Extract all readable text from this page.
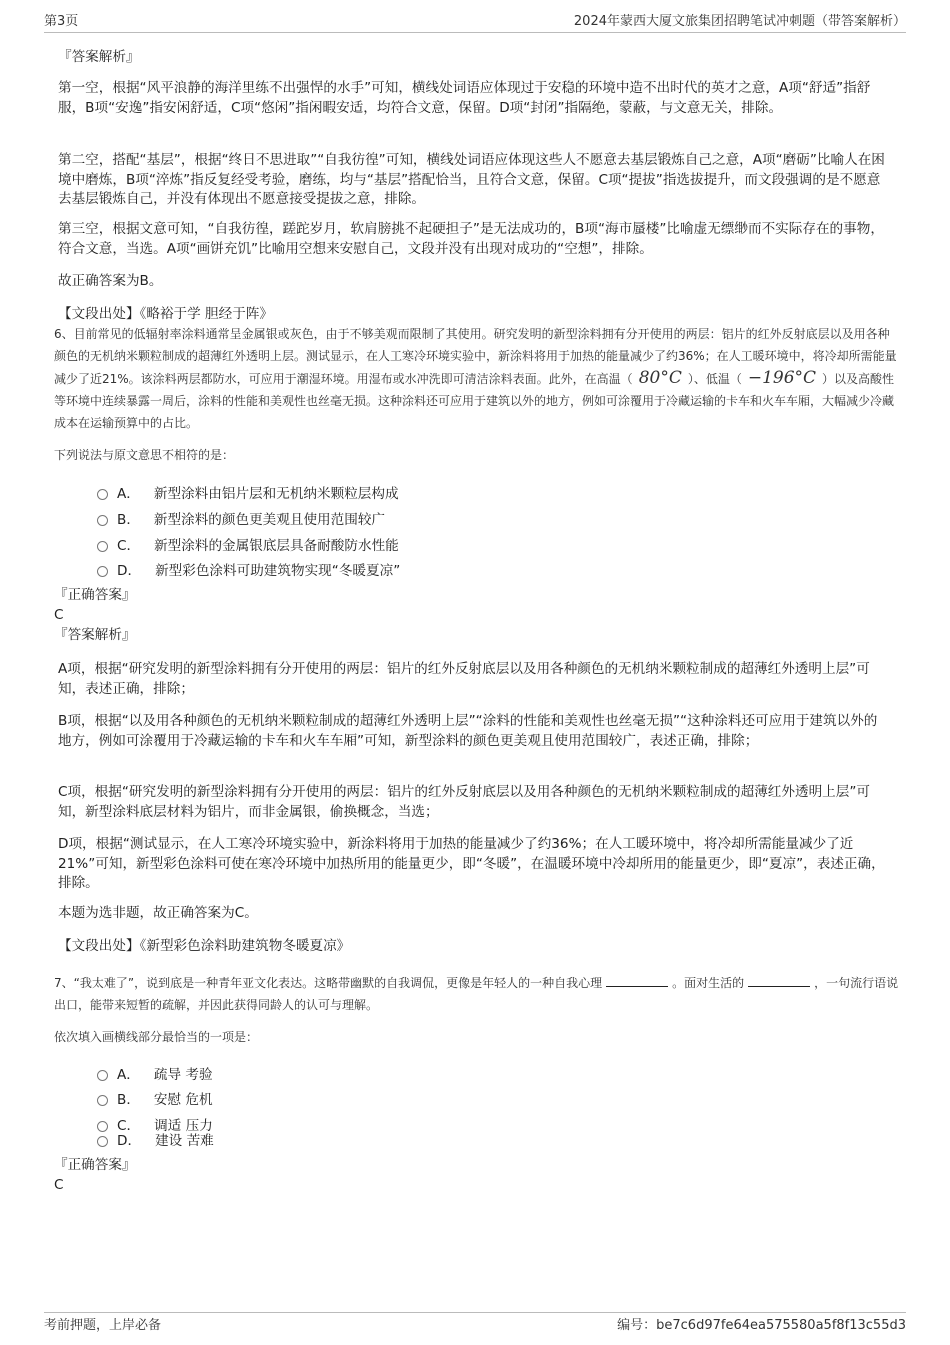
第3页	2024年蒙西大厦文旅集团招聘笔试冲刺题（带答案解析）
『答案解析』
第一空，根据“风平浪静的海洋里练不出强悍的水手”可知，横线处词语应体现过于安稳的环境中造不出时代的英才之意，A项“舒适”指舒服，B项“安逸”指安闲舒适，C项“悠闲”指闲暇安适，均符合文意，保留。D项“封闭”指隔绝，蒙蔽，与文意无关，排除。
第二空，搭配“基层”，根据“终日不思进取”“自我彷徨”可知，横线处词语应体现这些人不愿意去基层锻炼自己之意，A项“磨砺”比喻人在困境中磨炼，B项“淬炼”指反复经受考验，磨练，均与“基层”搭配恰当，且符合文意，保留。C项“提拔”指选拔提升，而文段强调的是不愿意去基层锻炼自己，并没有体现出不愿意接受提拔之意，排除。
第三空，根据文意可知，“自我彷徨，蹉跎岁月，软肩膀挑不起硬担子”是无法成功的，B项“海市蜃楼”比喻虚无缥缈而不实际存在的事物，符合文意，当选。A项“画饼充饥”比喻用空想来安慰自己，文段并没有出现对成功的“空想”，排除。
故正确答案为B。
【文段出处】《略裕于学 胆经于阵》
6、目前常见的低辐射率涂料通常呈金属银或灰色，由于不够美观而限制了其使用。研究发明的新型涂料拥有分开使用的两层：铝片的红外反射底层以及用各种颜色的无机纳米颗粒制成的超薄红外透明上层。测试显示，在人工寒冷环境实验中，新涂料将用于加热的能量减少了约36%；在人工暖环境中，将冷却所需能量减少了近21%。该涂料两层都防水，可应用于潮湿环境。用湿布或水冲洗即可清洁涂料表面。此外，在高温（ 80°C ）、低温（ −196°C ）以及高酸性等环境中连续暴露一周后，涂料的性能和美观性也丝毫无损。这种涂料还可应用于建筑以外的地方，例如可涂覆用于冷藏运输的卡车和火车车厢，大幅减少冷藏成本在运输预算中的占比。
下列说法与原文意思不相符的是：
A． 新型涂料由铝片层和无机纳米颗粒层构成
B． 新型涂料的颜色更美观且使用范围较广
C． 新型涂料的金属银底层具备耐酸防水性能
D． 新型彩色涂料可助建筑物实现“冬暖夏凉”
『正确答案』
C
『答案解析』
A项，根据“研究发明的新型涂料拥有分开使用的两层：铝片的红外反射底层以及用各种颜色的无机纳米颗粒制成的超薄红外透明上层”可知，表述正确，排除；
B项，根据“以及用各种颜色的无机纳米颗粒制成的超薄红外透明上层”“涂料的性能和美观性也丝毫无损”“这种涂料还可应用于建筑以外的地方，例如可涂覆用于冷藏运输的卡车和火车车厢”可知，新型涂料的颜色更美观且使用范围较广，表述正确，排除；
C项，根据“研究发明的新型涂料拥有分开使用的两层：铝片的红外反射底层以及用各种颜色的无机纳米颗粒制成的超薄红外透明上层”可知，新型涂料底层材料为铝片，而非金属银，偷换概念，当选；
D项，根据“测试显示，在人工寒冷环境实验中，新涂料将用于加热的能量减少了约36%；在人工暖环境中，将冷却所需能量减少了近21%”可知，新型彩色涂料可使在寒冷环境中加热所用的能量更少，即“冬暖”，在温暖环境中冷却所用的能量更少，即“夏凉”，表述正确，排除。
本题为选非题，故正确答案为C。
【文段出处】《新型彩色涂料助建筑物冬暖夏凉》
7、“我太难了”，说到底是一种青年亚文化表达。这略带幽默的自我调侃，更像是年轻人的一种自我心理	。面对生活的	，一句流行语说出口，能带来短暂的疏解，并因此获得同龄人的认可与理解。
依次填入画横线部分最恰当的一项是：
A． 疏导 考验
B． 安慰 危机
C． 调适 压力
D． 建设 苦难
『正确答案』
C
考前押题，上岸必备	编号：be7c6d97fe64ea575580a5f8f13c55d3
